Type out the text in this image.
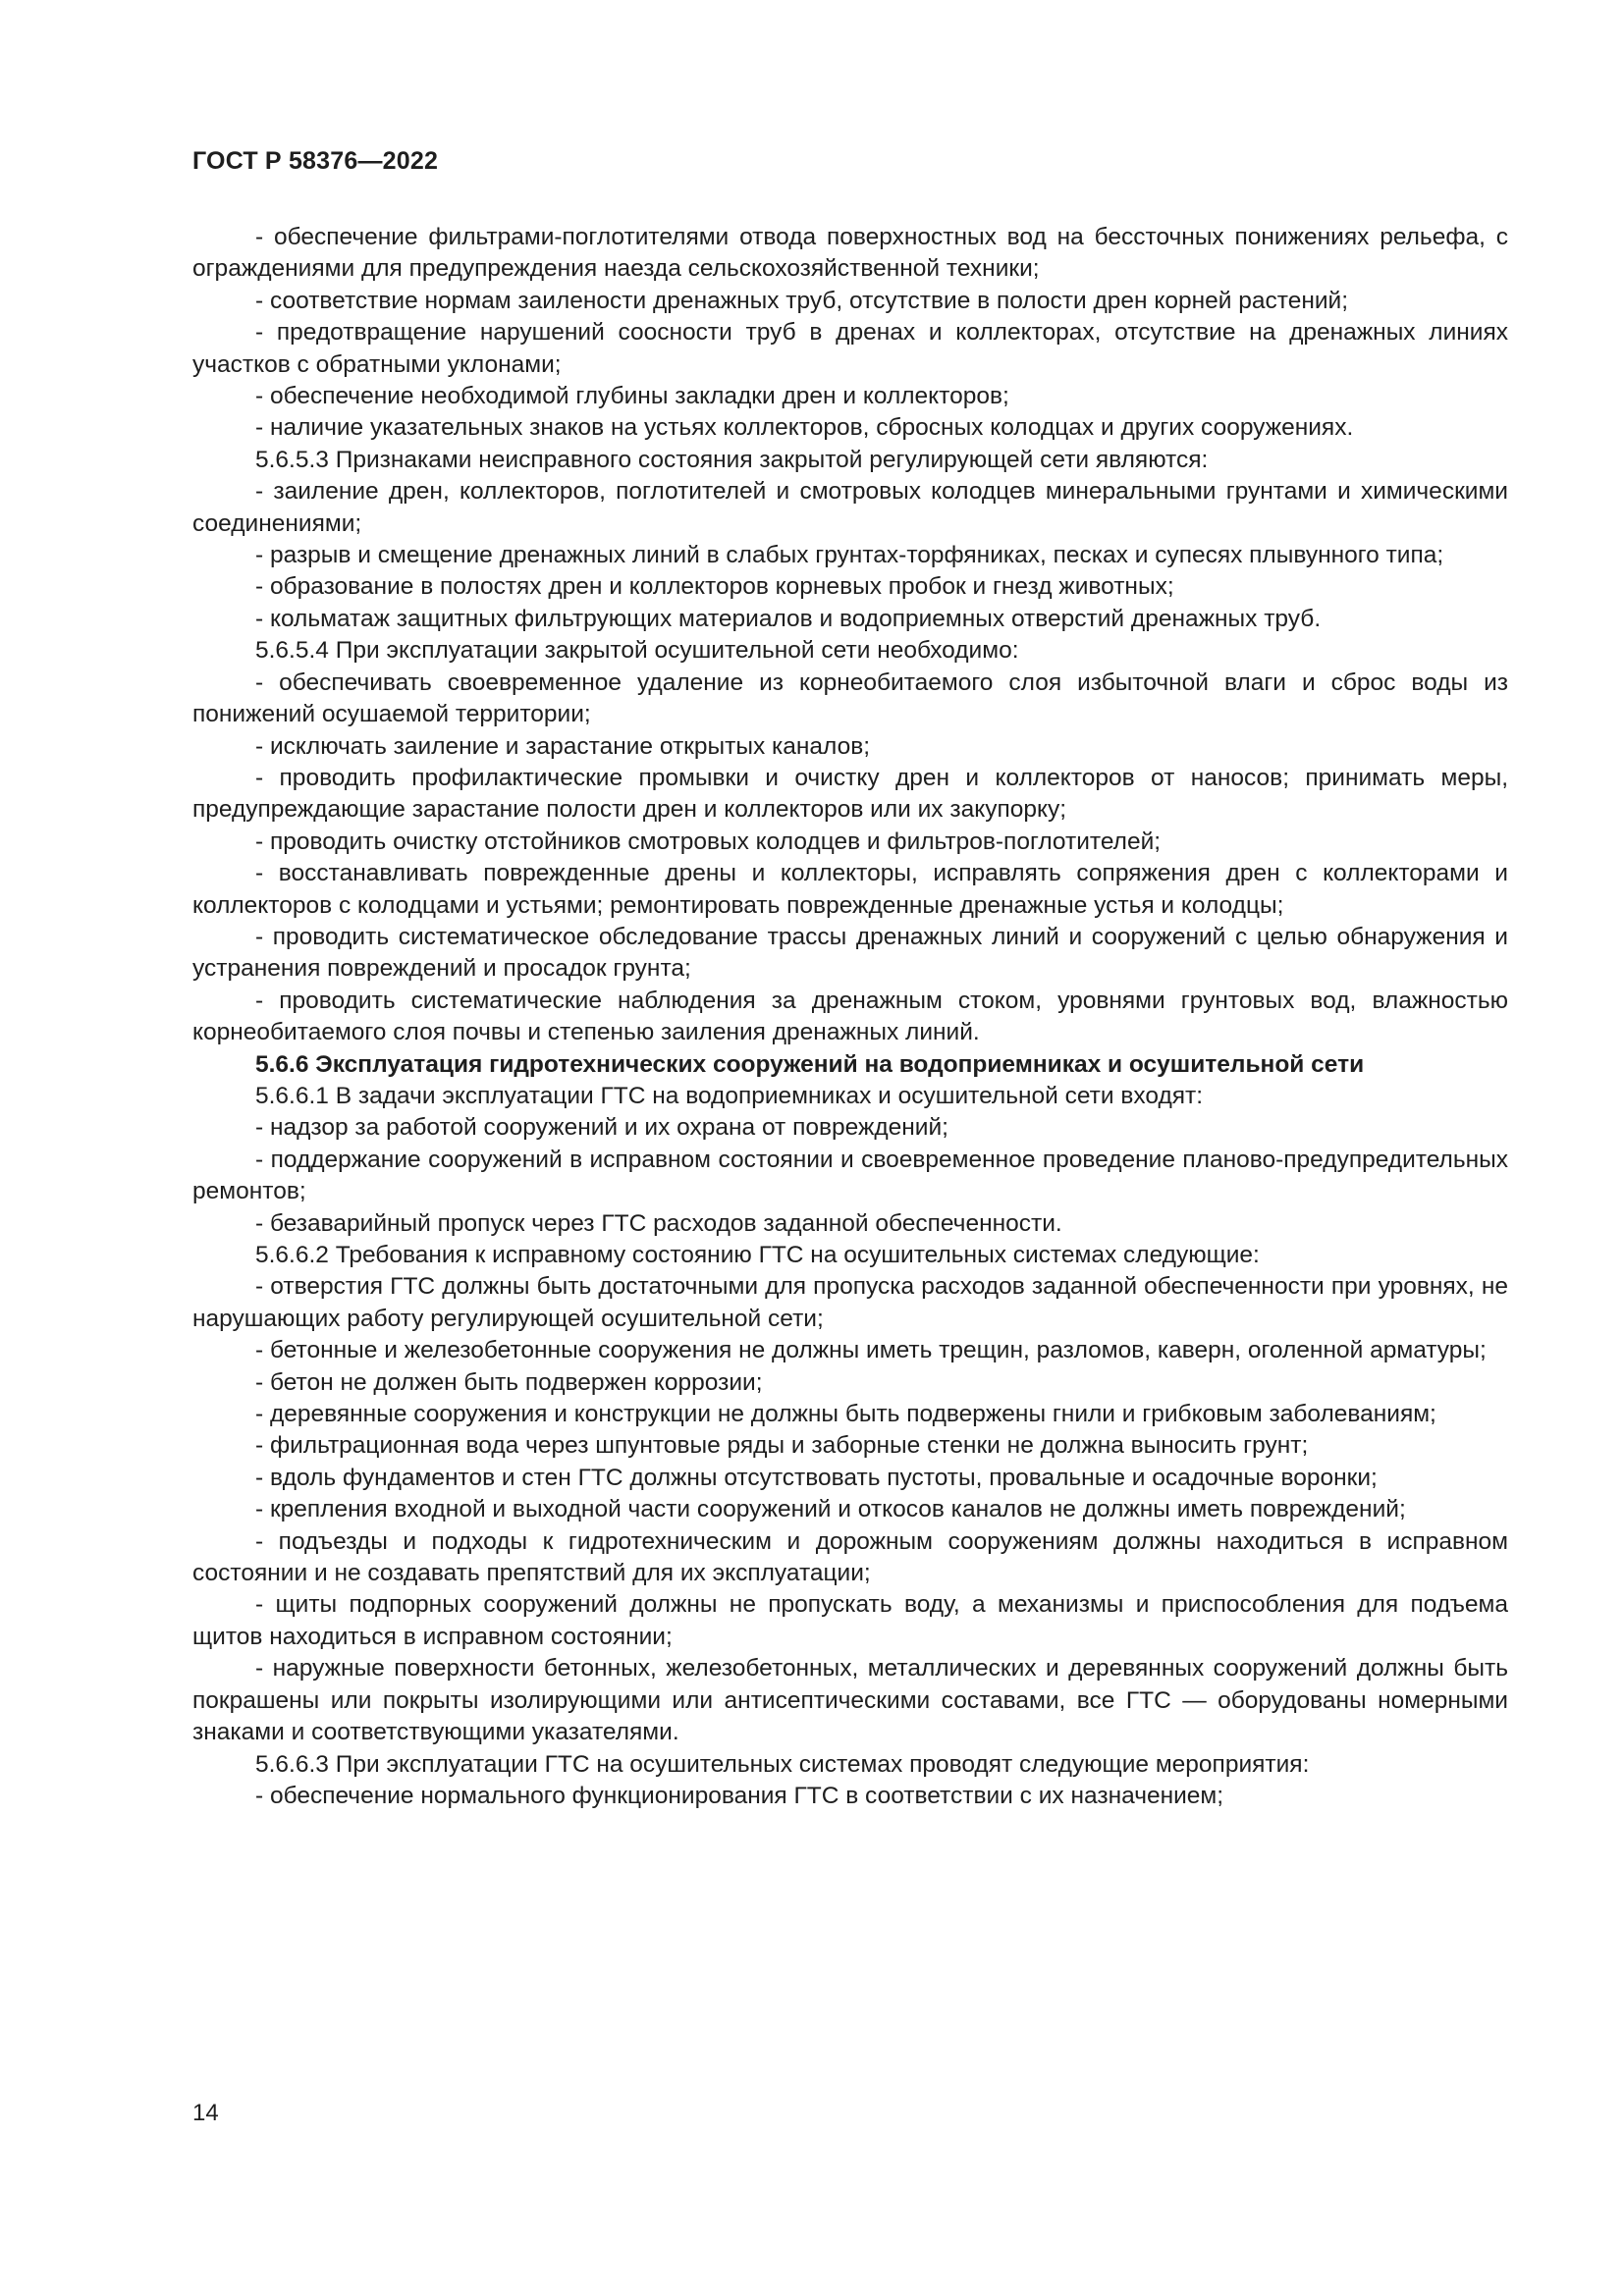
ГОСТ Р 58376—2022

- обеспечение фильтрами-поглотителями отвода поверхностных вод на бессточных понижениях рельефа, с ограждениями для предупреждения наезда сельскохозяйственной техники;

- соответствие нормам заилености дренажных труб, отсутствие в полости дрен корней растений;

- предотвращение нарушений соосности труб в дренах и коллекторах, отсутствие на дренажных линиях участков с обратными уклонами;

- обеспечение необходимой глубины закладки дрен и коллекторов;

- наличие указательных знаков на устьях коллекторов, сбросных колодцах и других сооружениях.

5.6.5.3 Признаками неисправного состояния закрытой регулирующей сети являются:

- заиление дрен, коллекторов, поглотителей и смотровых колодцев минеральными грунтами и химическими соединениями;

- разрыв и смещение дренажных линий в слабых грунтах-торфяниках, песках и супесях плывунного типа;

- образование в полостях дрен и коллекторов корневых пробок и гнезд животных;

- кольматаж защитных фильтрующих материалов и водоприемных отверстий дренажных труб.

5.6.5.4 При эксплуатации закрытой осушительной сети необходимо:

- обеспечивать своевременное удаление из корнеобитаемого слоя избыточной влаги и сброс воды из понижений осушаемой территории;

- исключать заиление и зарастание открытых каналов;

- проводить профилактические промывки и очистку дрен и коллекторов от наносов; принимать меры, предупреждающие зарастание полости дрен и коллекторов или их закупорку;

- проводить очистку отстойников смотровых колодцев и фильтров-поглотителей;

- восстанавливать поврежденные дрены и коллекторы, исправлять сопряжения дрен с коллекторами и коллекторов с колодцами и устьями; ремонтировать поврежденные дренажные устья и колодцы;

- проводить систематическое обследование трассы дренажных линий и сооружений с целью обнаружения и устранения повреждений и просадок грунта;

- проводить систематические наблюдения за дренажным стоком, уровнями грунтовых вод, влажностью корнеобитаемого слоя почвы и степенью заиления дренажных линий.

5.6.6 Эксплуатация гидротехнических сооружений на водоприемниках и осушительной сети

5.6.6.1 В задачи эксплуатации ГТС на водоприемниках и осушительной сети входят:

- надзор за работой сооружений и их охрана от повреждений;

- поддержание сооружений в исправном состоянии и своевременное проведение планово-предупредительных ремонтов;

- безаварийный пропуск через ГТС расходов заданной обеспеченности.

5.6.6.2 Требования к исправному состоянию ГТС на осушительных системах следующие:

- отверстия ГТС должны быть достаточными для пропуска расходов заданной обеспеченности при уровнях, не нарушающих работу регулирующей осушительной сети;

- бетонные и железобетонные сооружения не должны иметь трещин, разломов, каверн, оголенной арматуры;

- бетон не должен быть подвержен коррозии;

- деревянные сооружения и конструкции не должны быть подвержены гнили и грибковым заболеваниям;

- фильтрационная вода через шпунтовые ряды и заборные стенки не должна выносить грунт;

- вдоль фундаментов и стен ГТС должны отсутствовать пустоты, провальные и осадочные воронки;

- крепления входной и выходной части сооружений и откосов каналов не должны иметь повреждений;

- подъезды и подходы к гидротехническим и дорожным сооружениям должны находиться в исправном состоянии и не создавать препятствий для их эксплуатации;

- щиты подпорных сооружений должны не пропускать воду, а механизмы и приспособления для подъема щитов находиться в исправном состоянии;

- наружные поверхности бетонных, железобетонных, металлических и деревянных сооружений должны быть покрашены или покрыты изолирующими или антисептическими составами, все ГТС — оборудованы номерными знаками и соответствующими указателями.

5.6.6.3 При эксплуатации ГТС на осушительных системах проводят следующие мероприятия:

- обеспечение нормального функционирования ГТС в соответствии с их назначением;

14
